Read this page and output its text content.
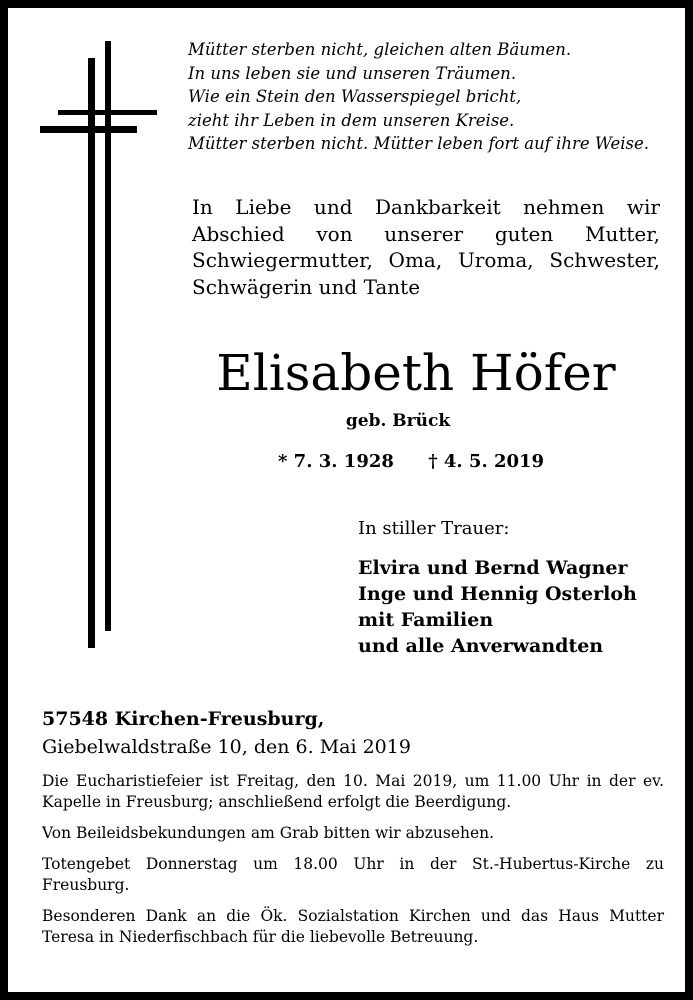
Mütter sterben nicht, gleichen alten Bäumen.
In uns leben sie und unseren Träumen.
Wie ein Stein den Wasserspiegel bricht,
zieht ihr Leben in dem unseren Kreise.
Mütter sterben nicht. Mütter leben fort auf ihre Weise.
In Liebe und Dankbarkeit nehmen wir Abschied von unserer guten Mutter, Schwiegermutter, Oma, Uroma, Schwester, Schwägerin und Tante
Elisabeth Höfer
geb. Brück
* 7. 3. 1928 † 4. 5. 2019
In stiller Trauer:
Elvira und Bernd Wagner
Inge und Hennig Osterloh
mit Familien
und alle Anverwandten
57548 Kirchen-Freusburg,
Giebelwaldstraße 10, den 6. Mai 2019
Die Eucharistiefeier ist Freitag, den 10. Mai 2019, um 11.00 Uhr in der ev. Kapelle in Freusburg; anschließend erfolgt die Beerdigung.
Von Beileidsbekundungen am Grab bitten wir abzusehen.
Totengebet Donnerstag um 18.00 Uhr in der St.-Hubertus-Kirche zu Freusburg.
Besonderen Dank an die Ök. Sozialstation Kirchen und das Haus Mutter Teresa in Niederfischbach für die liebevolle Betreuung.
